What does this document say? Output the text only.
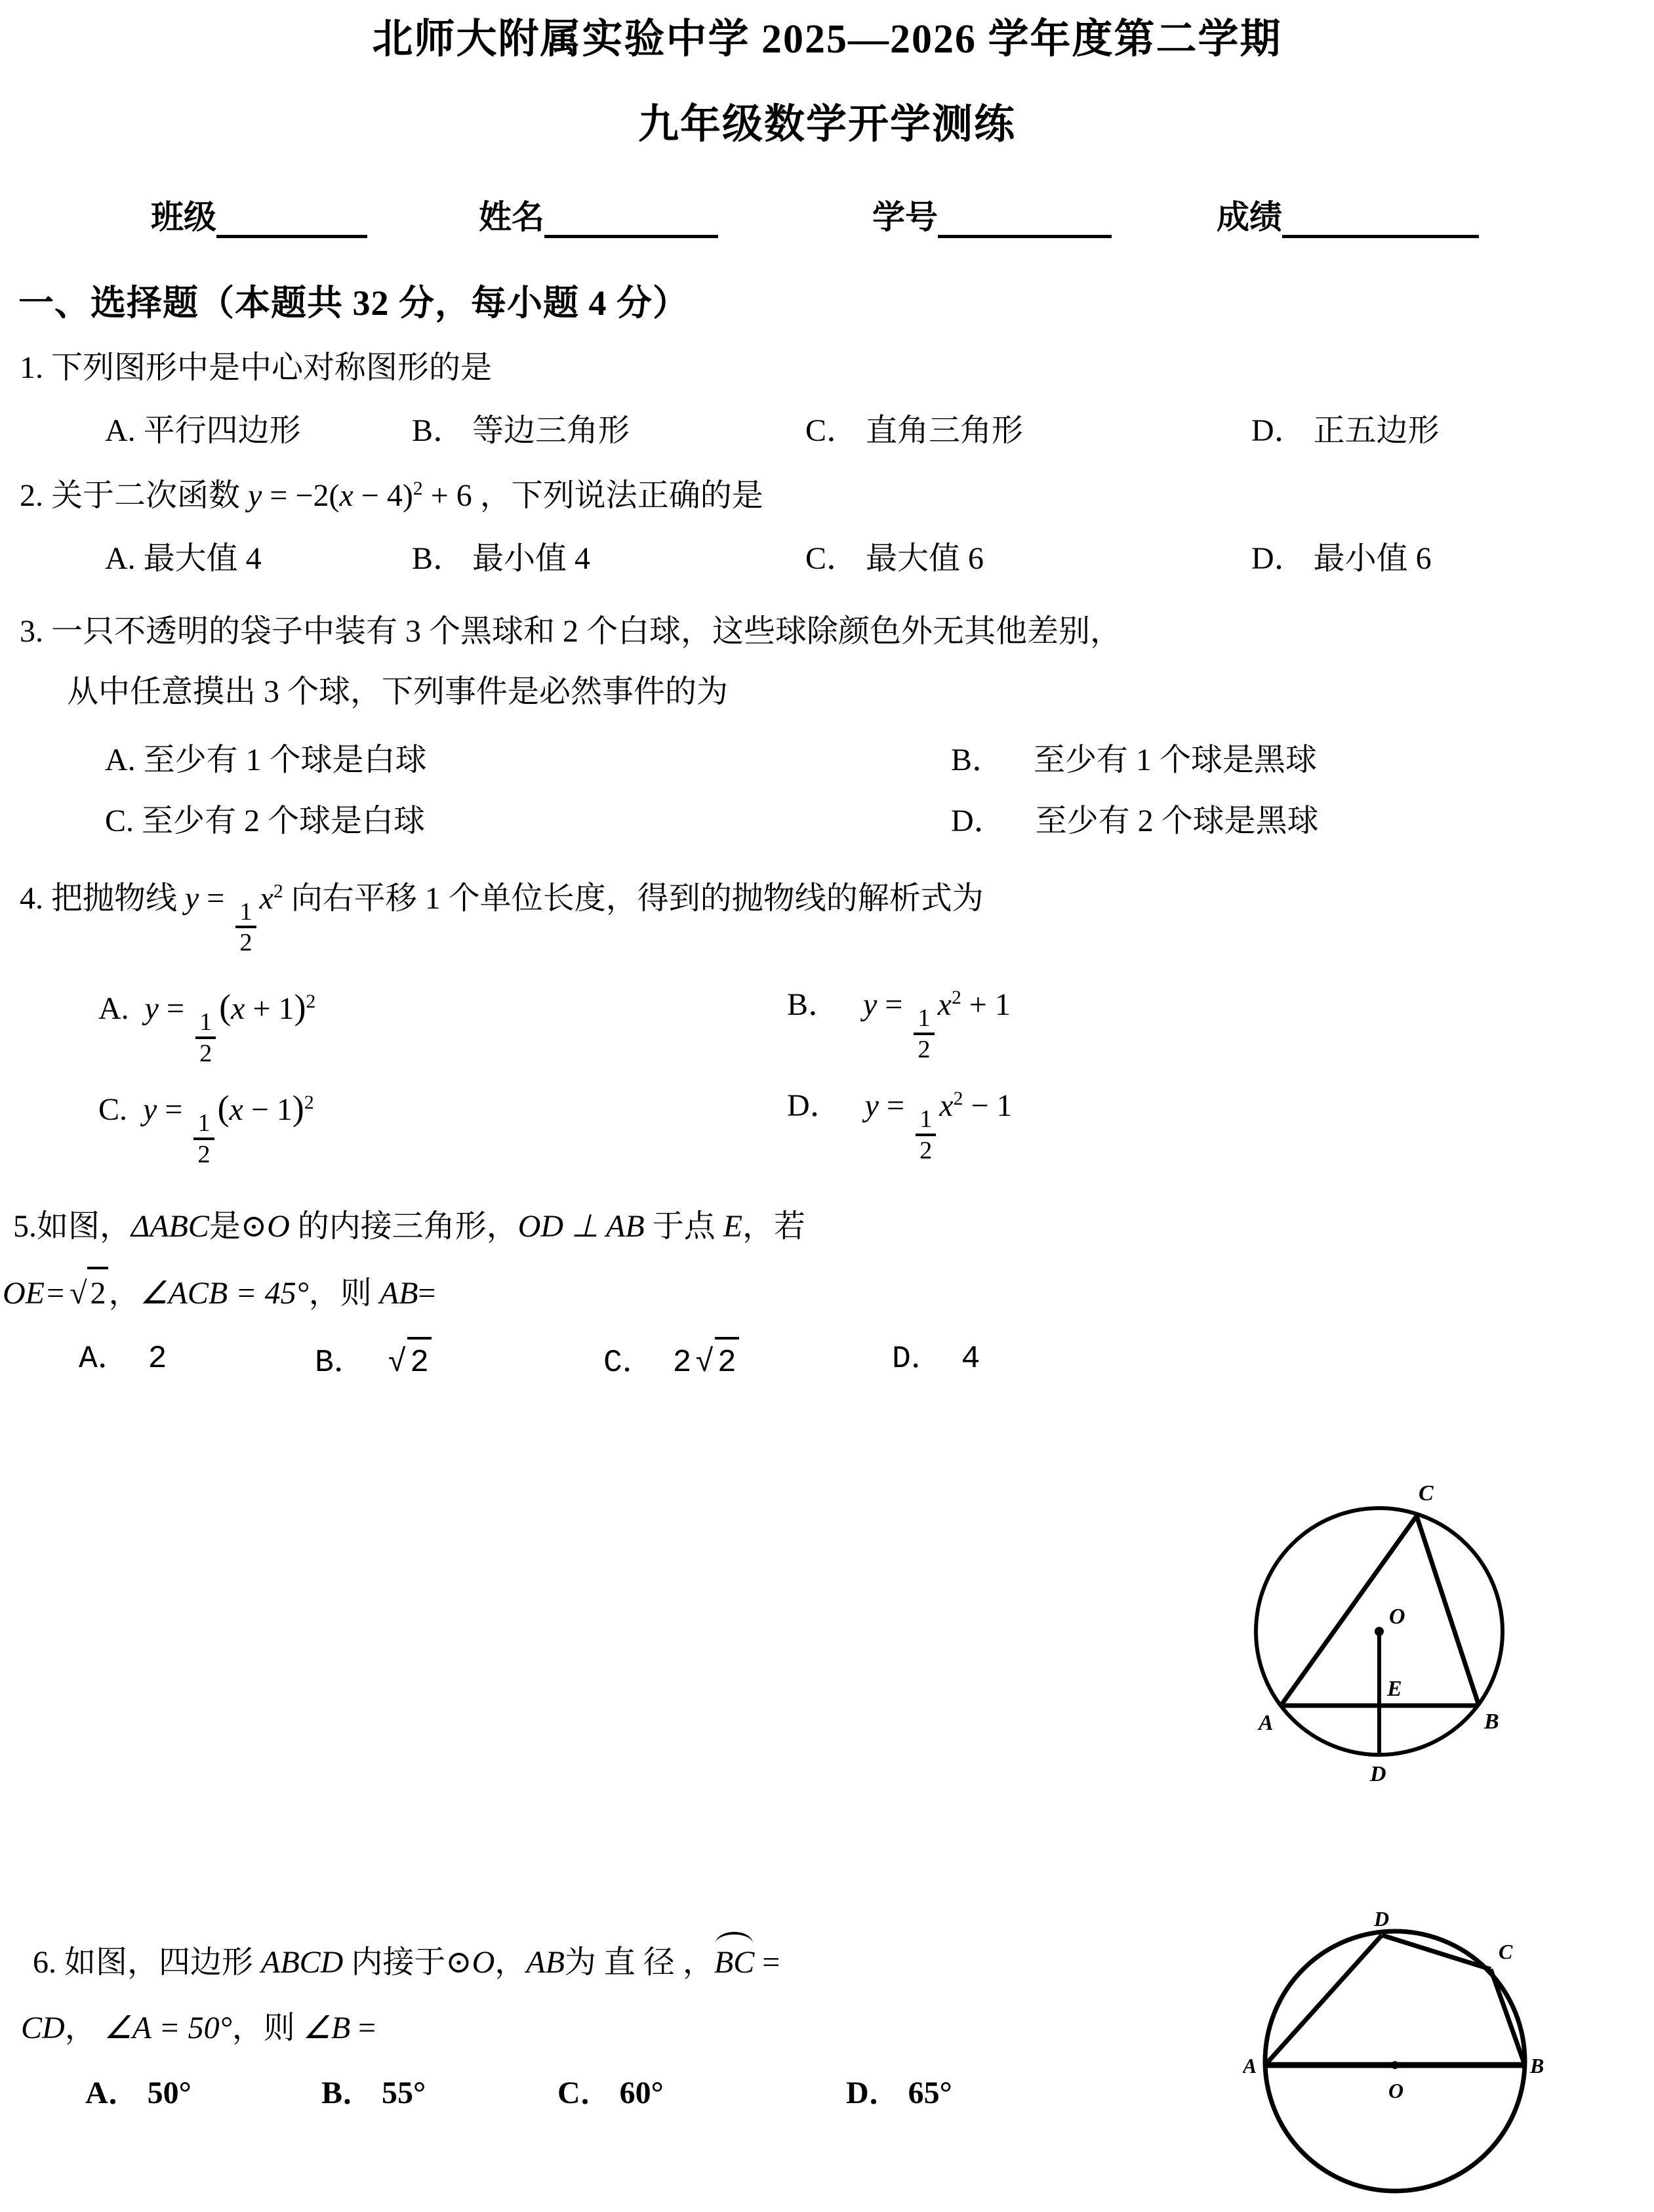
北师大附属实验中学 2025—2026 学年度第二学期
九年级数学开学测练
班级	姓名	学号	成绩
一、选择题（本题共 32 分，每小题 4 分）
1. 下列图形中是中心对称图形的是
A. 平行四边形	B． 等边三角形	C． 直角三角形	D． 正五边形
2. 关于二次函数 $y = -2(x - 4)^2 + 6$ ，下列说法正确的是
A. 最大值 4	B． 最小值 4	C． 最大值 6	D． 最小值 6
3. 一只不透明的袋子中装有 3 个黑球和 2 个白球，这些球除颜色外无其他差别，
从中任意摸出 3 个球，下列事件是必然事件的为
A. 至少有 1 个球是白球	B． 至少有 1 个球是黑球
C. 至少有 2 个球是白球	D． 至少有 2 个球是黑球
4. 把抛物线 y =
$\frac{1}{2}$
$x^2$ 向右平移 1 个单位长度，得到的抛物线的解析式为
A. y =
$\frac{1}{2}$
$(x + 1)^2$	B． y =
$\frac{1}{2}$
$x^2 + 1$
C. y =
$\frac{1}{2}$
$(x - 1)^2$	D． y =
$\frac{1}{2}$
$x^2 - 1$
5.如图，ΔABC是⊙O 的内接三角形，OD ⊥ AB 于点 E，若
OE= √ 2，∠ACB = 45°，则 AB=
A． 2	B． √ 2	C． 2 √ 2	D． 4
C
O
E
A	B
D
6. 如图，四边形 ABCD 内接于⊙O，AB为 直 径 ，BC =
CD， ∠A = 50°，则 ∠B =
A． 50°	B． 55°	C． 60°	D． 65°
D
C
A	B
O
